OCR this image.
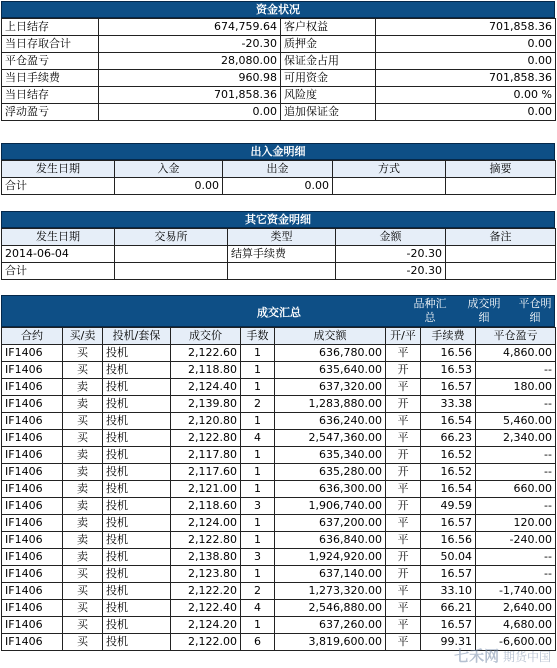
资金状况
上日结存	674,759.64	客户权益	701,858.36
当日存取合计	-20.30	质押金	0.00
平仓盈亏	28,080.00	保证金占用	0.00
当日手续费	960.98	可用资金	701,858.36
当日结存	701,858.36	风险度	0.00 %
浮动盈亏	0.00	追加保证金	0.00
出入金明细
发生日期	入金	出金	方式	摘要
合计	0.00	0.00		
其它资金明细
发生日期	交易所	类型	金额	备注
2014-06-04		结算手续费	-20.30	
合计			-20.30	
成交汇总
品种汇总
成交明细
平仓明细
合约	买/卖	投机/套保	成交价	手数	成交额	开/平	手续费	平仓盈亏
IF1406	买	投机	2,122.60	1	636,780.00	平	16.56	4,860.00
IF1406	买	投机	2,118.80	1	635,640.00	开	16.53	--
IF1406	卖	投机	2,124.40	1	637,320.00	平	16.57	180.00
IF1406	卖	投机	2,139.80	2	1,283,880.00	开	33.38	--
IF1406	买	投机	2,120.80	1	636,240.00	平	16.54	5,460.00
IF1406	买	投机	2,122.80	4	2,547,360.00	平	66.23	2,340.00
IF1406	卖	投机	2,117.80	1	635,340.00	开	16.52	--
IF1406	卖	投机	2,117.60	1	635,280.00	开	16.52	--
IF1406	卖	投机	2,121.00	1	636,300.00	平	16.54	660.00
IF1406	卖	投机	2,118.60	3	1,906,740.00	开	49.59	--
IF1406	卖	投机	2,124.00	1	637,200.00	平	16.57	120.00
IF1406	卖	投机	2,122.80	1	636,840.00	平	16.56	-240.00
IF1406	卖	投机	2,138.80	3	1,924,920.00	开	50.04	--
IF1406	买	投机	2,123.80	1	637,140.00	开	16.57	--
IF1406	买	投机	2,122.20	2	1,273,320.00	平	33.10	-1,740.00
IF1406	买	投机	2,122.40	4	2,546,880.00	平	66.21	2,640.00
IF1406	买	投机	2,124.20	1	637,260.00	平	16.57	4,680.00
IF1406	买	投机	2,122.00	6	3,819,600.00	平	99.31	-6,600.00
七禾网 期货中国
